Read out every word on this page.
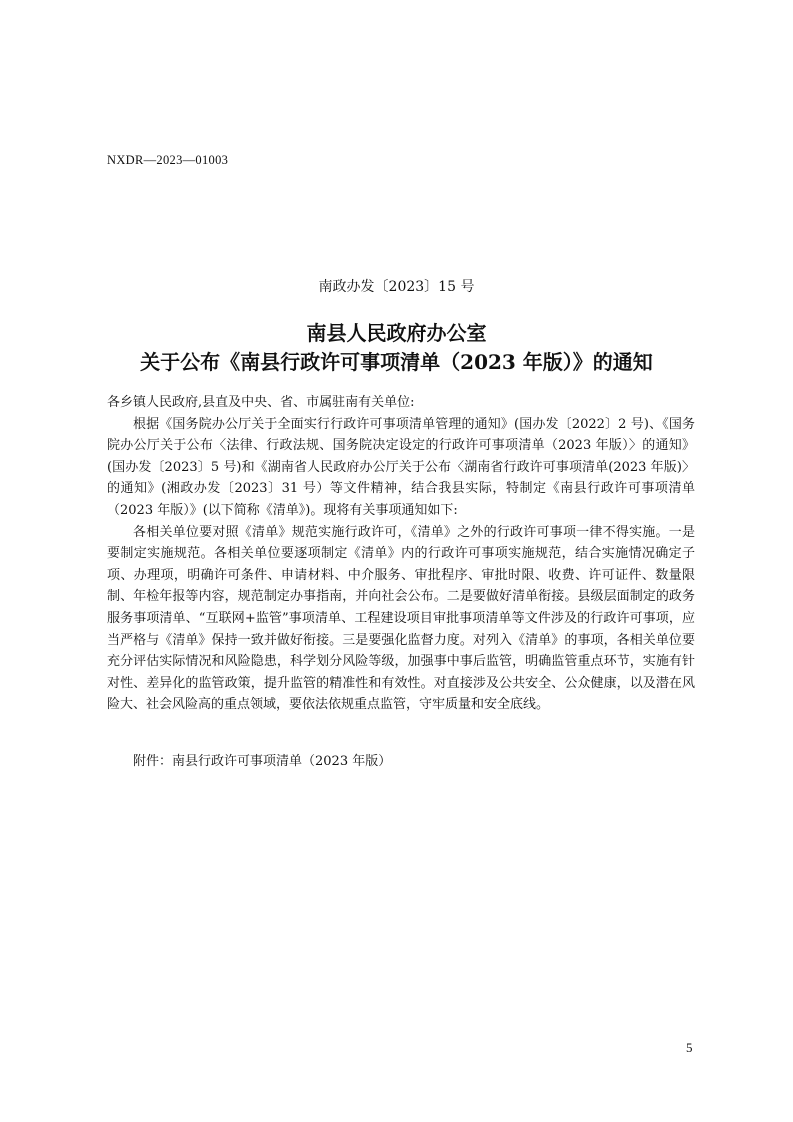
NXDR—2023—01003
南政办发〔2023〕15 号
南县人民政府办公室
关于公布《南县行政许可事项清单（2023 年版）》的通知

各乡镇人民政府,县直及中央、省、市属驻南有关单位:

根据《国务院办公厅关于全面实行行政许可事项清单管理的通知》(国办发〔2022〕2 号)、《国务院办公厅关于公布〈法律、行政法规、国务院决定设定的行政许可事项清单（2023 年版）〉的通知》(国办发〔2023〕5 号)和《湖南省人民政府办公厅关于公布〈湖南省行政许可事项清单(2023 年版)〉的通知》(湘政办发〔2023〕31 号）等文件精神，结合我县实际，特制定《南县行政许可事项清单（2023 年版）》(以下简称《清单》)。现将有关事项通知如下:

各相关单位要对照《清单》规范实施行政许可，《清单》之外的行政许可事项一律不得实施。一是要制定实施规范。各相关单位要逐项制定《清单》内的行政许可事项实施规范，结合实施情况确定子项、办理项，明确许可条件、申请材料、中介服务、审批程序、审批时限、收费、许可证件、数量限制、年检年报等内容，规范制定办事指南，并向社会公布。二是要做好清单衔接。县级层面制定的政务服务事项清单、“互联网+监管”事项清单、工程建设项目审批事项清单等文件涉及的行政许可事项，应当严格与《清单》保持一致并做好衔接。三是要强化监督力度。对列入《清单》的事项，各相关单位要充分评估实际情况和风险隐患，科学划分风险等级，加强事中事后监管，明确监管重点环节，实施有针对性、差异化的监管政策，提升监管的精准性和有效性。对直接涉及公共安全、公众健康，以及潜在风险大、社会风险高的重点领域，要依法依规重点监管，守牢质量和安全底线。

附件：南县行政许可事项清单（2023 年版）
5
